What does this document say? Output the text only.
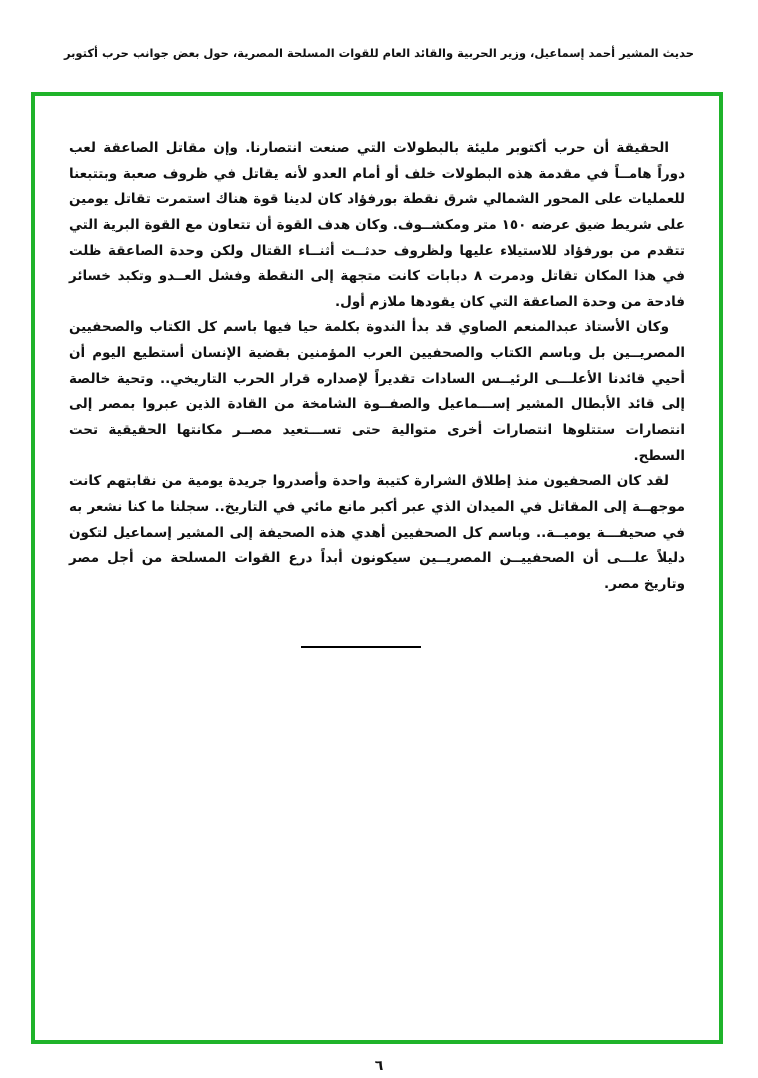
حديث المشير أحمد إسماعيل، وزير الحربية والقائد العام للقوات المسلحة المصرية، حول بعض جوانب حرب أكتوبر

الحقيقة أن حرب أكتوبر مليئة بالبطولات التي صنعت انتصارنا. وإن مقاتل الصاعقة لعب دوراً هامــاً في مقدمة هذه البطولات خلف أو أمام العدو لأنه يقاتل في ظروف صعبة وبتتبعنا للعمليات على المحور الشمالي شرق نقطة بورفؤاد كان لدينا قوة هناك استمرت تقاتل يومين على شريط ضيق عرضه ١٥٠ متر ومكشــوف. وكان هدف القوة أن تتعاون مع القوة البرية التي تتقدم من بورفؤاد للاستيلاء عليها ولظروف حدثــت أثنــاء القتال ولكن وحدة الصاعقة ظلت في هذا المكان تقاتل ودمرت ٨ دبابات كانت متجهة إلى النقطة وفشل العــدو وتكبد خسائر فادحة من وحدة الصاعقة التي كان يقودها ملازم أول.

وكان الأستاذ عبدالمنعم الصاوي قد بدأ الندوة بكلمة حيا فيها باسم كل الكتاب والصحفيين المصريــين بل وباسم الكتاب والصحفيين العرب المؤمنين بقضية الإنسان أستطيع اليوم أن أحيي قائدنا الأعلـــى الرئيــس السادات تقديراً لإصداره قرار الحرب التاريخي.. وتحية خالصة إلى قائد الأبطال المشير إســـماعيل والصفــوة الشامخة من القادة الذين عبروا بمصر إلى انتصارات ستتلوها انتصارات أخرى متوالية حتى تســـتعيد مصــر مكانتها الحقيقية تحت السطح.

لقد كان الصحفيون منذ إطلاق الشرارة كتيبة واحدة وأصدروا جريدة يومية من نقابتهم كانت موجهــة إلى المقاتل في الميدان الذي عبر أكبر مانع مائي في التاريخ.. سجلنا ما كنا نشعر به في صحيفـــة يوميــة.. وباسم كل الصحفيين أهدي هذه الصحيفة إلى المشير إسماعيل لتكون دليلاً علـــى أن الصحفييــن المصريــين سيكونون أبداً درع القوات المسلحة من أجل مصر وتاريخ مصر.

٦
